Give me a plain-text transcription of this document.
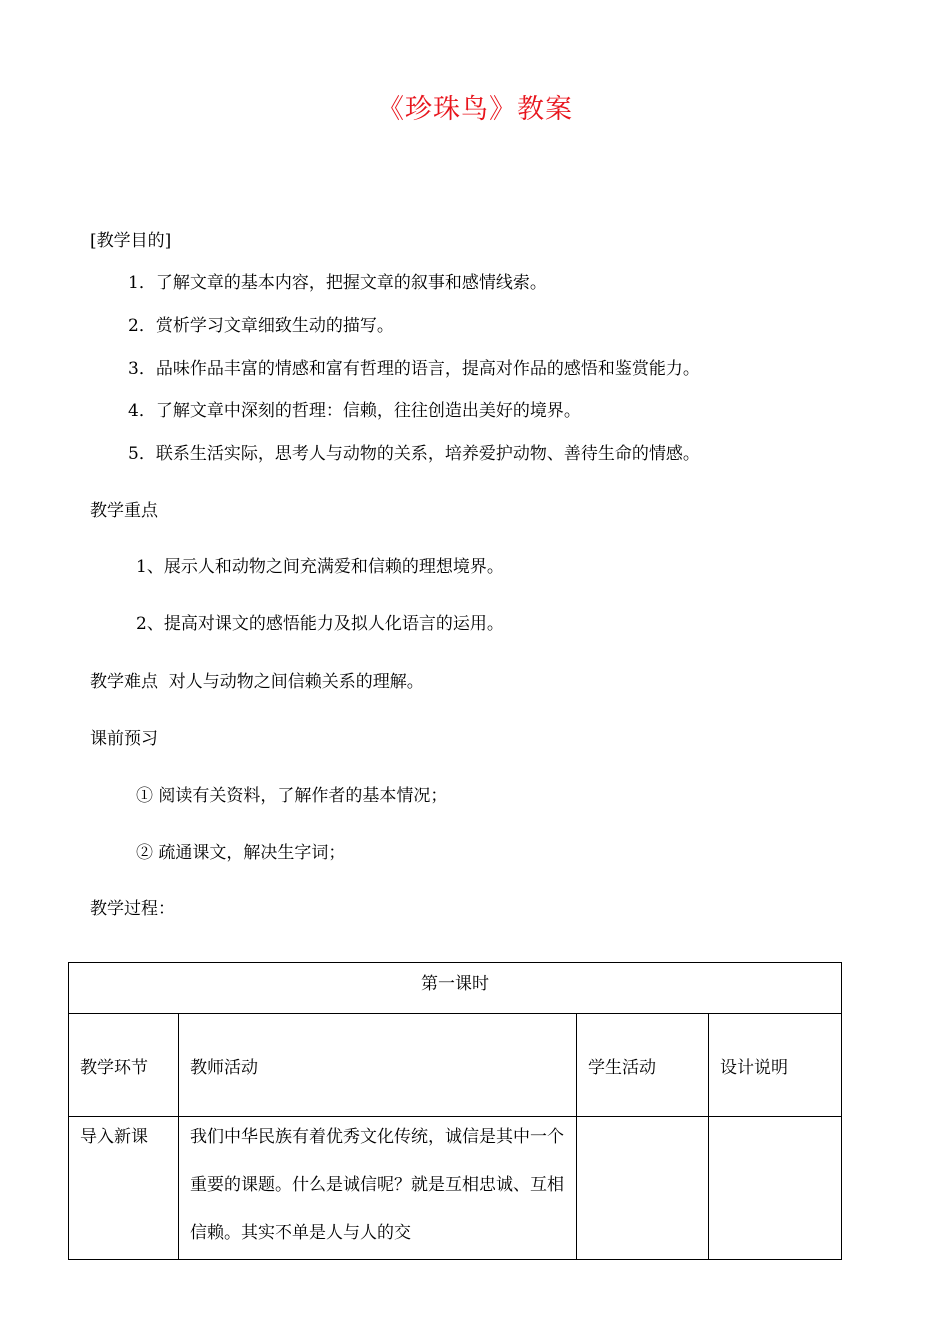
《珍珠鸟》教案
[教学目的]
1．了解文章的基本内容，把握文章的叙事和感情线索。
2．赏析学习文章细致生动的描写。
3．品味作品丰富的情感和富有哲理的语言，提高对作品的感悟和鉴赏能力。
4．了解文章中深刻的哲理：信赖，往往创造出美好的境界。
5．联系生活实际，思考人与动物的关系，培养爱护动物、善待生命的情感。
教学重点
1、展示人和动物之间充满爱和信赖的理想境界。
2、提高对课文的感悟能力及拟人化语言的运用。
教学难点  对人与动物之间信赖关系的理解。
课前预习
① 阅读有关资料，了解作者的基本情况；
② 疏通课文，解决生字词；
教学过程：
第一课时			
教学环节	教师活动	学生活动	设计说明

导入新课	我们中华民族有着优秀文化传统，诚信是其中一个重要的课题。什么是诚信呢？就是互相忠诚、互相信赖。其实不单是人与人的交		
